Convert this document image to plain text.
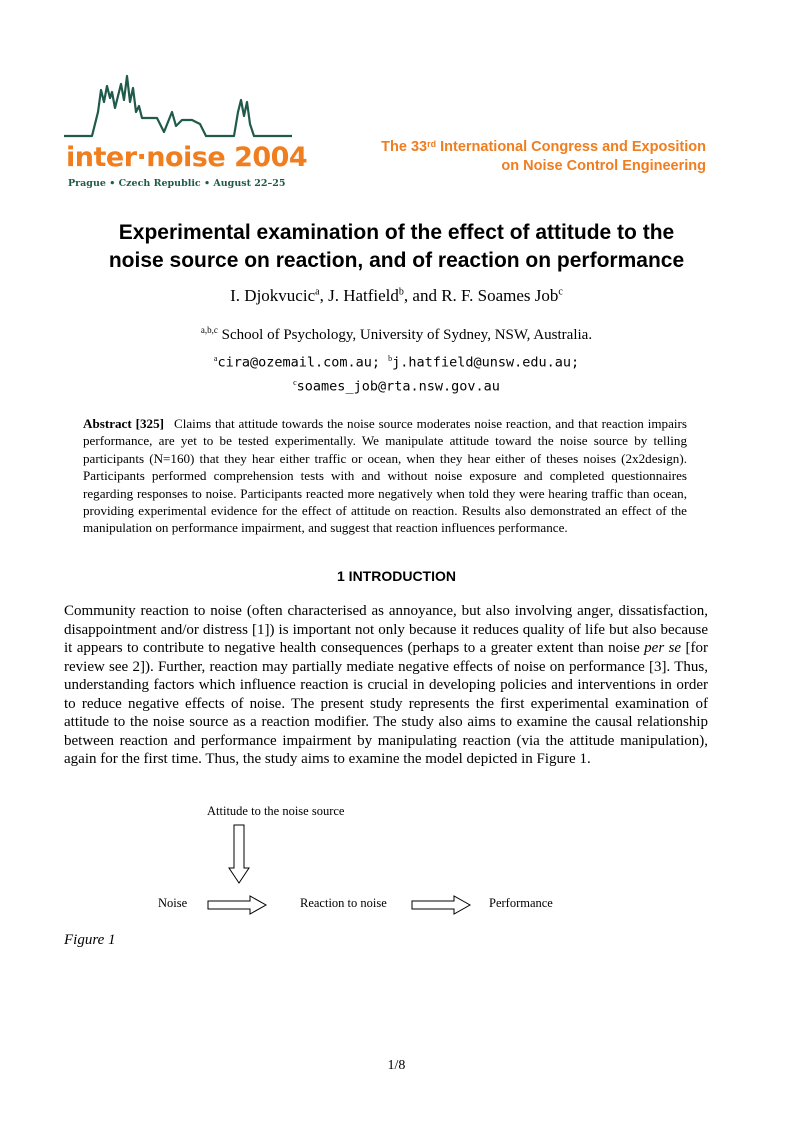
inter·noise 2004
Prague • Czech Republic • August 22–25
The 33rd International Congress and Exposition
on Noise Control Engineering
Experimental examination of the effect of attitude to the
noise source on reaction, and of reaction on performance
I. Djokvucic$^a$, J. Hatfield$^b$, and R. F. Soames Job$^c$
$^{a,b,c}$ School of Psychology, University of Sydney, NSW, Australia.
$^a$cira@ozemail.com.au; $^b$j.hatfield@unsw.edu.au;
$^c$soames_job@rta.nsw.gov.au
Abstract [325] Claims that attitude towards the noise source moderates noise reaction, and that reaction impairs performance, are yet to be tested experimentally. We manipulate attitude toward the noise source by telling participants (N=160) that they hear either traffic or ocean, when they hear either of theses noises (2x2design). Participants performed comprehension tests with and without noise exposure and completed questionnaires regarding responses to noise. Participants reacted more negatively when told they were hearing traffic than ocean, providing experimental evidence for the effect of attitude on reaction. Results also demonstrated an effect of the manipulation on performance impairment, and suggest that reaction influences performance.
1 INTRODUCTION
Community reaction to noise (often characterised as annoyance, but also involving anger, dissatisfaction, disappointment and/or distress [1]) is important not only because it reduces quality of life but also because it appears to contribute to negative health consequences (perhaps to a greater extent than noise per se [for review see 2]). Further, reaction may partially mediate negative effects of noise on performance [3]. Thus, understanding factors which influence reaction is crucial in developing policies and interventions in order to reduce negative effects of noise. The present study represents the first experimental examination of attitude to the noise source as a reaction modifier. The study also aims to examine the causal relationship between reaction and performance impairment by manipulating reaction (via the attitude manipulation), again for the first time. Thus, the study aims to examine the model depicted in Figure 1.
Attitude to the noise source
Noise	Reaction to noise	Performance
Figure 1
1/8
